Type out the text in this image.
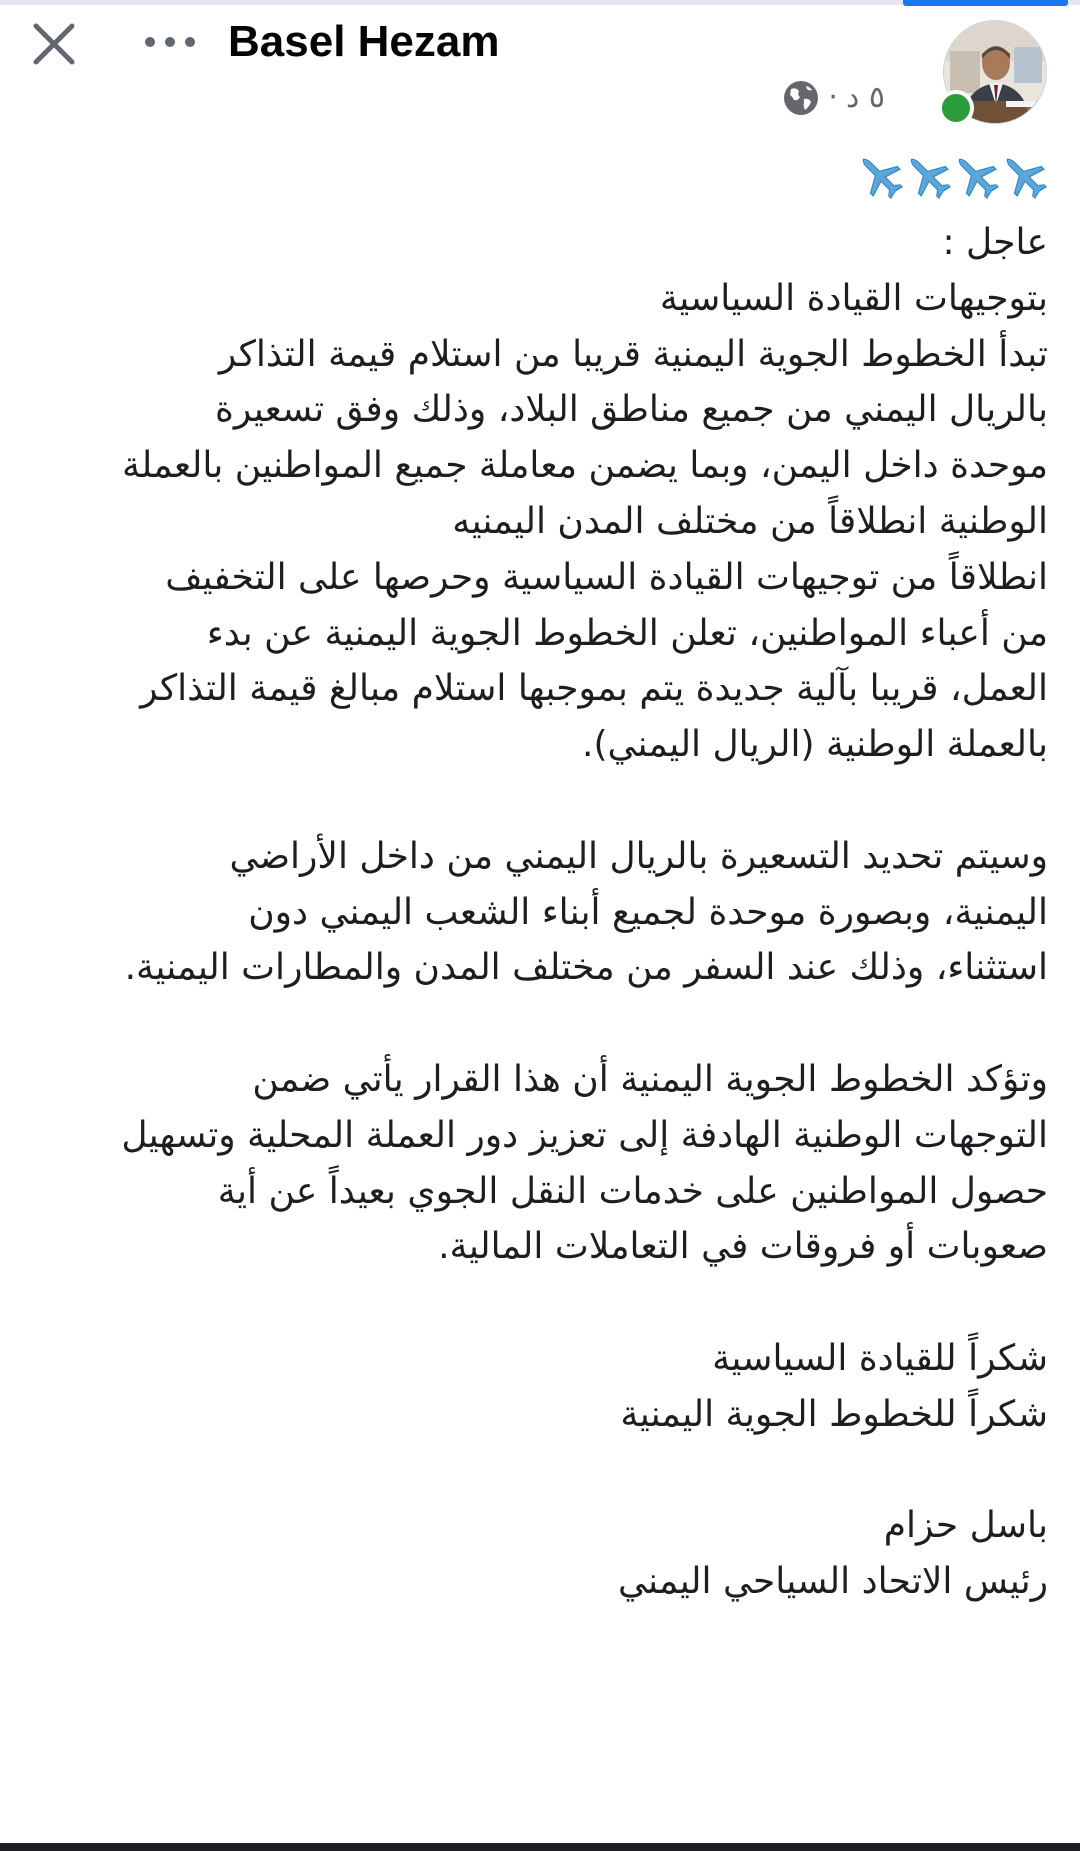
Basel Hezam
· ٥ د

عاجل :

بتوجيهات القيادة السياسية

تبدأ الخطوط الجوية اليمنية قريبا من استلام قيمة التذاكر

بالريال اليمني من جميع مناطق البلاد، وذلك وفق تسعيرة

موحدة داخل اليمن، وبما يضمن معاملة جميع المواطنين بالعملة

الوطنية انطلاقاً من مختلف المدن اليمنيه

انطلاقاً من توجيهات القيادة السياسية وحرصها على التخفيف

من أعباء المواطنين، تعلن الخطوط الجوية اليمنية عن بدء

العمل، قريبا بآلية جديدة يتم بموجبها استلام مبالغ قيمة التذاكر

بالعملة الوطنية (الريال اليمني).

وسيتم تحديد التسعيرة بالريال اليمني من داخل الأراضي

اليمنية، وبصورة موحدة لجميع أبناء الشعب اليمني دون

استثناء، وذلك عند السفر من مختلف المدن والمطارات اليمنية.

وتؤكد الخطوط الجوية اليمنية أن هذا القرار يأتي ضمن

التوجهات الوطنية الهادفة إلى تعزيز دور العملة المحلية وتسهيل

حصول المواطنين على خدمات النقل الجوي بعيداً عن أية

صعوبات أو فروقات في التعاملات المالية.

شكراً للقيادة السياسية

شكراً للخطوط الجوية اليمنية

باسل حزام

رئيس الاتحاد السياحي اليمني
